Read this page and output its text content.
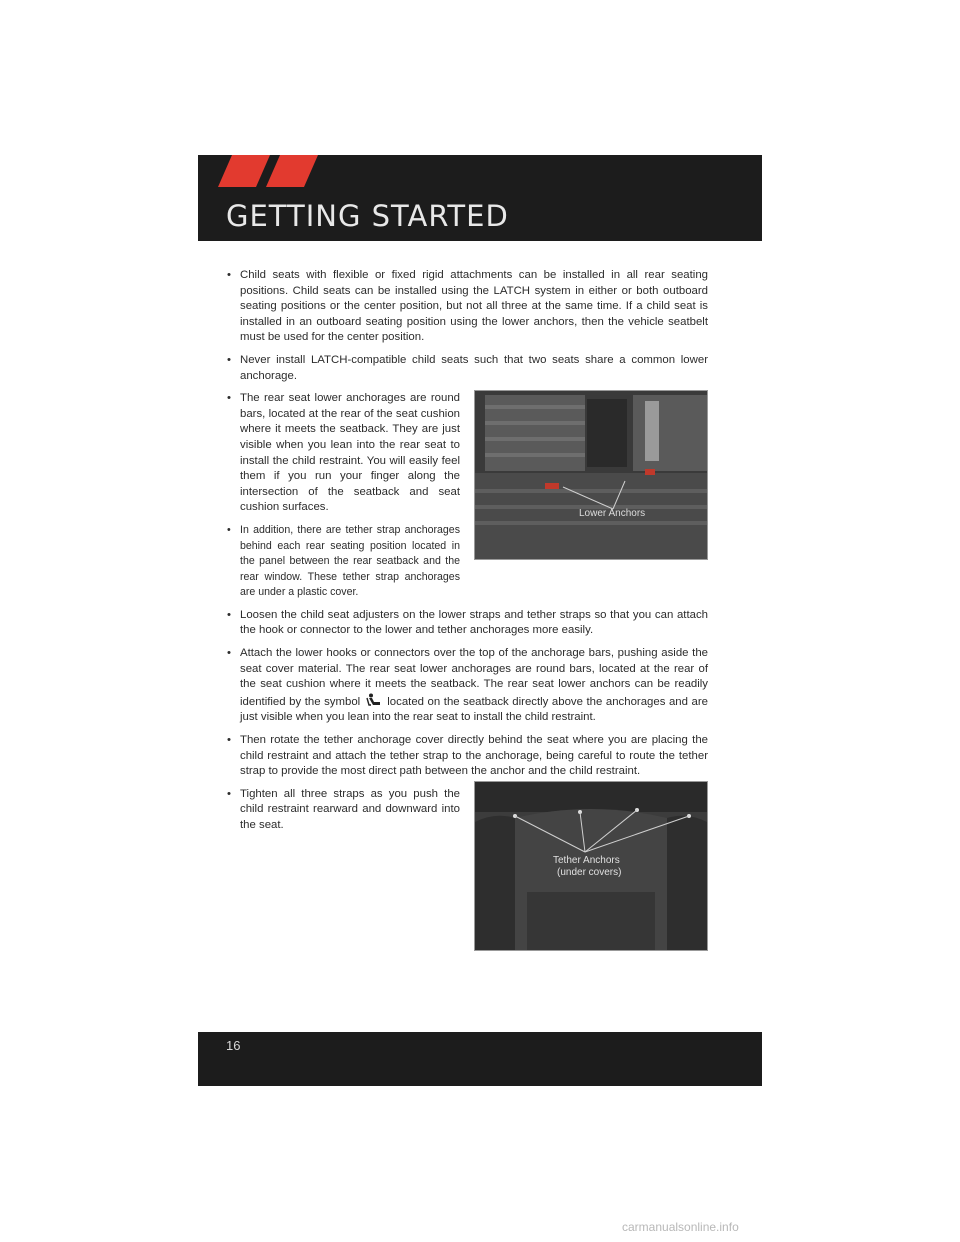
GETTING STARTED

• Child seats with flexible or fixed rigid attachments can be installed in all rear seating positions. Child seats can be installed using the LATCH system in either or both outboard seating positions or the center position, but not all three at the same time. If a child seat is installed in an outboard seating position using the lower anchors, then the vehicle seatbelt must be used for the center position.

• Never install LATCH-compatible child seats such that two seats share a common lower anchorage.

• The rear seat lower anchorages are round bars, located at the rear of the seat cushion where it meets the seatback. They are just visible when you lean into the rear seat to install the child restraint. You will easily feel them if you run your finger along the intersection of the seatback and seat cushion surfaces.

• In addition, there are tether strap anchorages behind each rear seating position located in the panel between the rear seatback and the rear window. These tether strap anchorages are under a plastic cover.

• Loosen the child seat adjusters on the lower straps and tether straps so that you can attach the hook or connector to the lower and tether anchorages more easily.

• Attach the lower hooks or connectors over the top of the anchorage bars, pushing aside the seat cover material. The rear seat lower anchorages are round bars, located at the rear of the seat cushion where it meets the seatback. The rear seat lower anchors can be readily identified by the symbol located on the seatback directly above the anchorages and are just visible when you lean into the rear seat to install the child restraint.

• Then rotate the tether anchorage cover directly behind the seat where you are placing the child restraint and attach the tether strap to the anchorage, being careful to route the tether strap to provide the most direct path between the anchor and the child restraint.

• Tighten all three straps as you push the child restraint rearward and downward into the seat.

Lower Anchors
Tether Anchors
(under covers)
16
carmanualsonline.info
